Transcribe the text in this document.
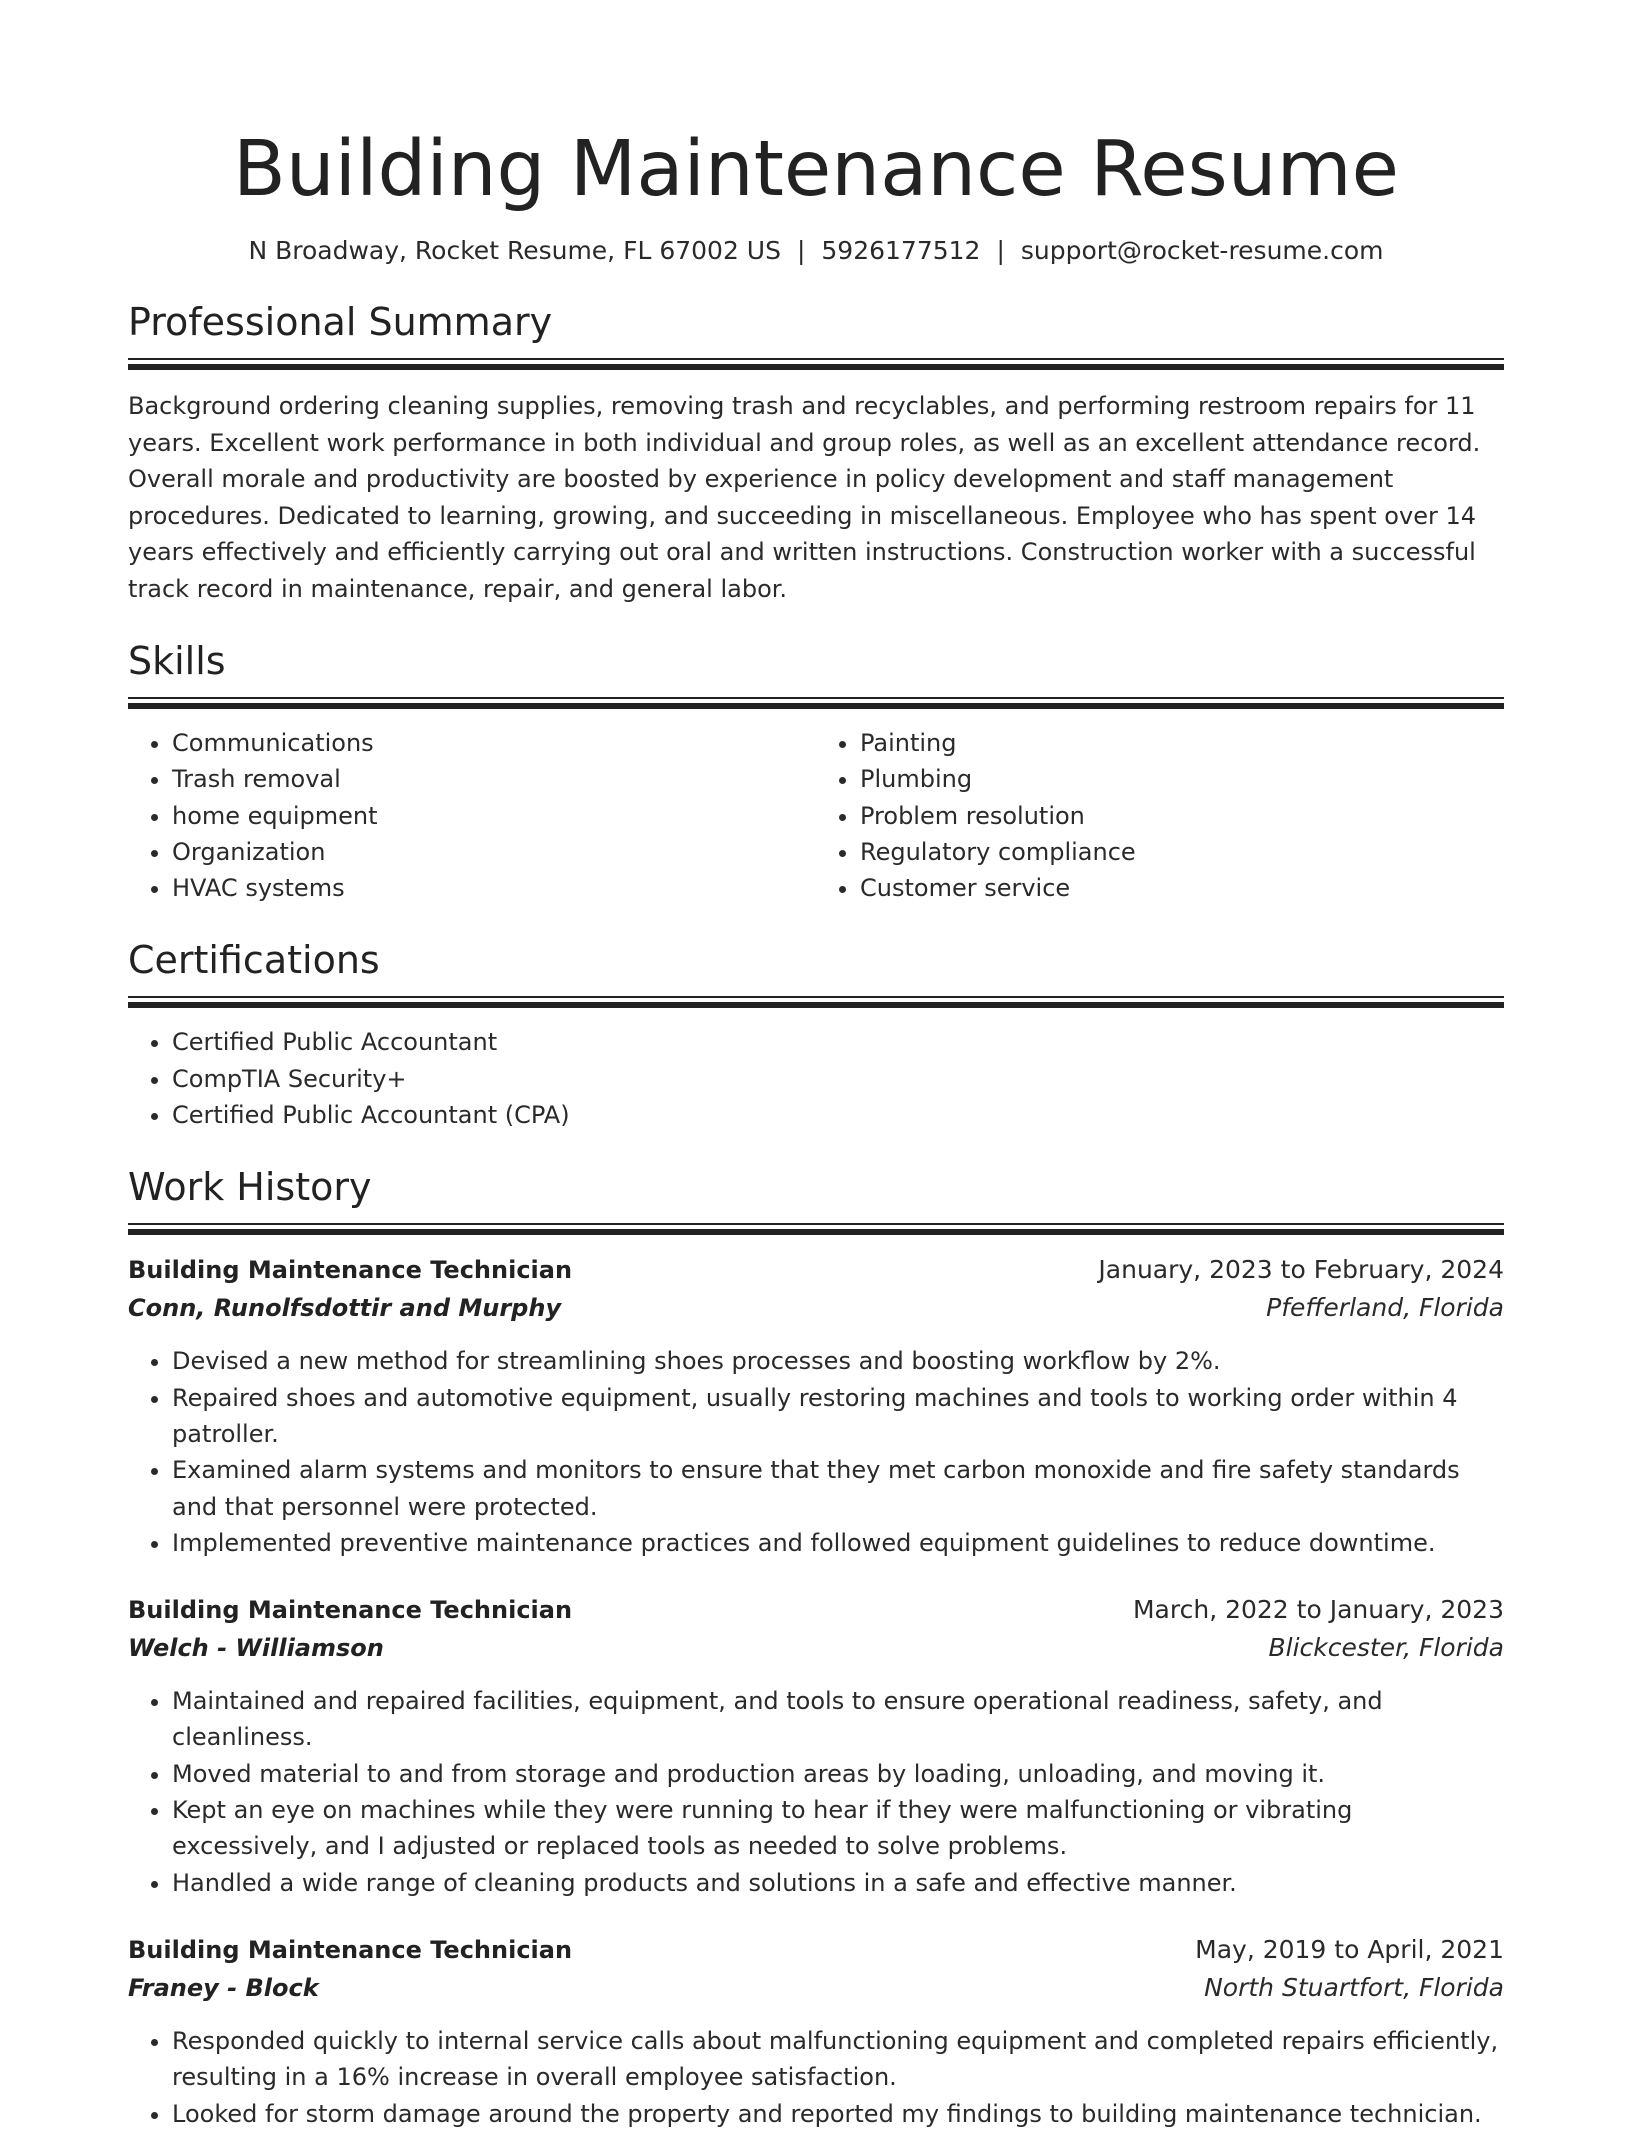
Building Maintenance Resume
N Broadway, Rocket Resume, FL 67002 US | 5926177512 | support@rocket-resume.com
Professional Summary
Background ordering cleaning supplies, removing trash and recyclables, and performing restroom repairs for 11 years. Excellent work performance in both individual and group roles, as well as an excellent attendance record. Overall morale and productivity are boosted by experience in policy development and staff management procedures. Dedicated to learning, growing, and succeeding in miscellaneous. Employee who has spent over 14 years effectively and efficiently carrying out oral and written instructions. Construction worker with a successful track record in maintenance, repair, and general labor.
Skills
• Communications
• Trash removal
• home equipment
• Organization
• HVAC systems
• Painting
• Plumbing
• Problem resolution
• Regulatory compliance
• Customer service
Certifications
• Certified Public Accountant
• CompTIA Security+
• Certified Public Accountant (CPA)
Work History
Building Maintenance Technician	January, 2023 to February, 2024
Conn, Runolfsdottir and Murphy	Pfefferland, Florida
• Devised a new method for streamlining shoes processes and boosting workflow by 2%.
• Repaired shoes and automotive equipment, usually restoring machines and tools to working order within 4 patroller.
• Examined alarm systems and monitors to ensure that they met carbon monoxide and fire safety standards and that personnel were protected.
• Implemented preventive maintenance practices and followed equipment guidelines to reduce downtime.
Building Maintenance Technician	March, 2022 to January, 2023
Welch - Williamson	Blickcester, Florida
• Maintained and repaired facilities, equipment, and tools to ensure operational readiness, safety, and cleanliness.
• Moved material to and from storage and production areas by loading, unloading, and moving it.
• Kept an eye on machines while they were running to hear if they were malfunctioning or vibrating excessively, and I adjusted or replaced tools as needed to solve problems.
• Handled a wide range of cleaning products and solutions in a safe and effective manner.
Building Maintenance Technician	May, 2019 to April, 2021
Franey - Block	North Stuartfort, Florida
• Responded quickly to internal service calls about malfunctioning equipment and completed repairs efficiently, resulting in a 16% increase in overall employee satisfaction.
• Looked for storm damage around the property and reported my findings to building maintenance technician.
